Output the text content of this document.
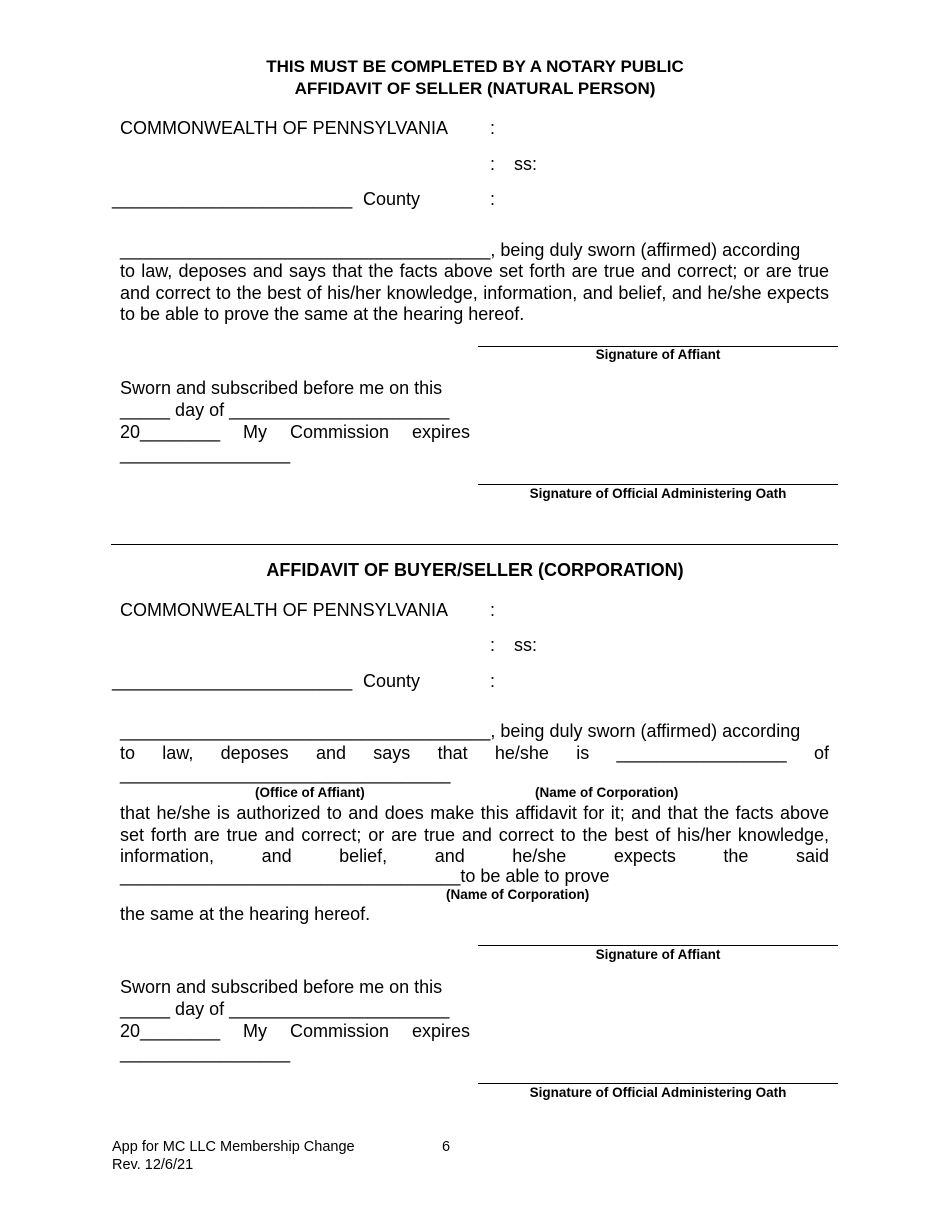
THIS MUST BE COMPLETED BY A NOTARY PUBLIC
AFFIDAVIT OF SELLER (NATURAL PERSON)
COMMONWEALTH OF PENNSYLVANIA :
: ss:
________________________ County	:
_____________________________________, being duly sworn (affirmed) according
to law, deposes and says that the facts above set forth are true and correct; or are true and correct to the best of his/her knowledge, information, and belief, and he/she expects to be able to prove the same at the hearing hereof.
Signature of Affiant
Sworn and subscribed before me on this
_____ day of ______________________
20________ My Commission expires
_________________
Signature of Official Administering Oath
AFFIDAVIT OF BUYER/SELLER (CORPORATION)
COMMONWEALTH OF PENNSYLVANIA :
: ss:
________________________ County	:
_____________________________________, being duly sworn (affirmed) according
to law, deposes and says that he/she is _________________ of
_________________________________
(Office of Affiant)	(Name of Corporation)
that he/she is authorized to and does make this affidavit for it; and that the facts above set forth are true and correct; or are true and correct to the best of his/her knowledge, information, and belief, and he/she expects the said
__________________________________to be able to prove
(Name of Corporation)
the same at the hearing hereof.
Signature of Affiant
Sworn and subscribed before me on this
_____ day of ______________________
20________ My Commission expires
_________________
Signature of Official Administering Oath
App for MC LLC Membership Change	6
Rev. 12/6/21
